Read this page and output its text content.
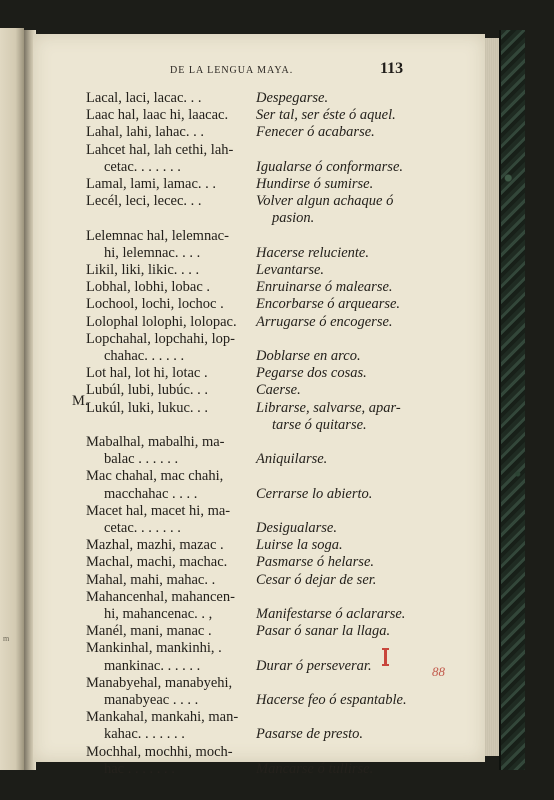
m
DE LA LENGUA MAYA.	113
M.
Lacal, laci, lacac. . .	Despegarse.
Laac hal, laac hi, laacac. Ser tal, ser éste ó aquel.
Lahal, lahi, lahac. . .	Fenecer ó acabarse.
Lahcet hal, lah cethi, lah-
cetac. . . . . . .	Igualarse ó conformarse.
Lamal, lami, lamac. . .	Hundirse ó sumirse.
Lecél, leci, lecec. . .	Volver algun achaque ó
pasion.
Lelemnac hal, lelemnac-
hi, lelemnac. . . .	Hacerse reluciente.
Likil, liki, likic. . . .	Levantarse.
Lobhal, lobhi, lobac .	Enruinarse ó malearse.
Lochool, lochi, lochoc . Encorbarse ó arquearse.
Lolophal lolophi, lolopac. Arrugarse ó encogerse.
Lopchahal, lopchahi, lop-
chahac. . . . . .	Doblarse en arco.
Lot hal, lot hi, lotac .	Pegarse dos cosas.
Lubúl, lubi, lubúc. . .	Caerse.
Lukúl, luki, lukuc. . .	Librarse, salvarse, apar-
tarse ó quitarse.
Mabalhal, mabalhi, ma-
balac . . . . . .	Aniquilarse.
Mac chahal, mac chahi,
macchahac . . . .	Cerrarse lo abierto.
Macet hal, macet hi, ma-
cetac. . . . . . .	Desigualarse.
Mazhal, mazhi, mazac . Luirse la soga.
Machal, machi, machac. Pasmarse ó helarse.
Mahal, mahi, mahac. .	Cesar ó dejar de ser.
Mahancenhal, mahancen-
hi, mahancenac. . ,	Manifestarse ó aclararse.
Manél, mani, manac .	Pasar ó sanar la llaga.
Mankinhal, mankinhi, .
mankinac. . . . . .	Durar ó perseverar.
Manabyehal, manabyehi,
manabyeac . . . .	Hacerse feo ó espantable.
Mankahal, mankahi, man-
kahac. . . . . . .	Pasarse de presto.
Mochhal, mochhi, moch-
hac . . . . . . .	Mancarse ó tullirse.
88
